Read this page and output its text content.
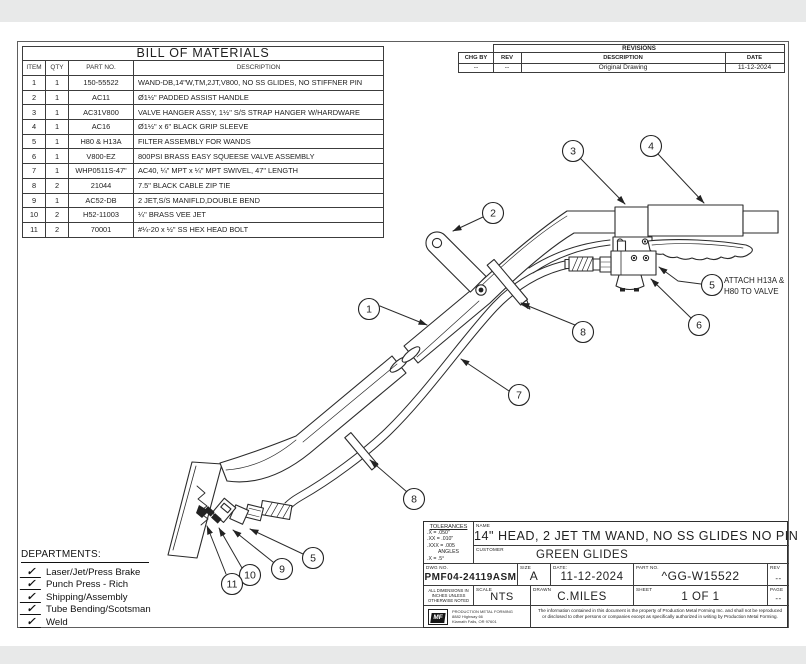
1
2
3	4
5
6
7
8
8
5
9
10
11
ATTACH H13A &
H80 TO VALVE
BILL OF MATERIALS			
ITEM	QTY	PART NO.	DESCRIPTION
1	1	150-55522	WAND-DB,14"W,TM,2JT,V800, NO SS GLIDES, NO STIFFNER PIN
2	1	AC11	Ø1½" PADDED ASSIST HANDLE
3	1	AC31V800	VALVE HANGER ASSY, 1½" S/S STRAP HANGER W/HARDWARE
4	1	AC16	Ø1½" x 6" BLACK GRIP SLEEVE
5	1	H80 & H13A	FILTER ASSEMBLY FOR WANDS
6	1	V800-EZ	800PSI BRASS EASY SQUEESE VALVE ASSEMBLY
7	1	WHP0511S-47"	AC40, ¼" MPT x ¼" MPT SWIVEL, 47" LENGTH
8	2	21044	7.5" BLACK CABLE ZIP TIE
9	1	AC52-DB	2 JET,S/S MANIFLD,DOUBLE BEND
10	2	H52-11003	¼" BRASS VEE JET
11	2	70001	#¼-20 x ½" SS HEX HEAD BOLT
REVISIONS
CHG BY	REV	DESCRIPTION	DATE
--	--	Original Drawing	11-12-2024
TOLERANCES
.X = .050"
.XX = .010"
.XXX = .005
ANGLES
.X = .5°
NAME
14" HEAD, 2 JET TM WAND, NO SS GLIDES NO PIN
CUSTOMER	GREEN GLIDES
DWG NO.
PMF04-24119ASM
SIZE
A
DATE:
11-12-2024
PART NO.
^GG-W15522
REV
--
ALL DIMENSIONS IN
INCHES UNLESS
OTHERWISE NOTED
SCALE
NTS
DRAWN
C.MILES
SHEET
1 OF 1
PAGE
--
MF
PRODUCTION METAL FORMING
8882 Highway 66
Klamath Falls, OR 97601
The information contained in this document is the property of Production Metal Forming Inc. and shall not be reproduced or disclosed to other persons or companies except as specifically authorized in writing by Production Metal Forming.
DEPARTMENTS:
✓ Laser/Jet/Press Brake
✓ Punch Press - Rich
✓ Shipping/Assembly
✓ Tube Bending/Scotsman
✓ Weld
